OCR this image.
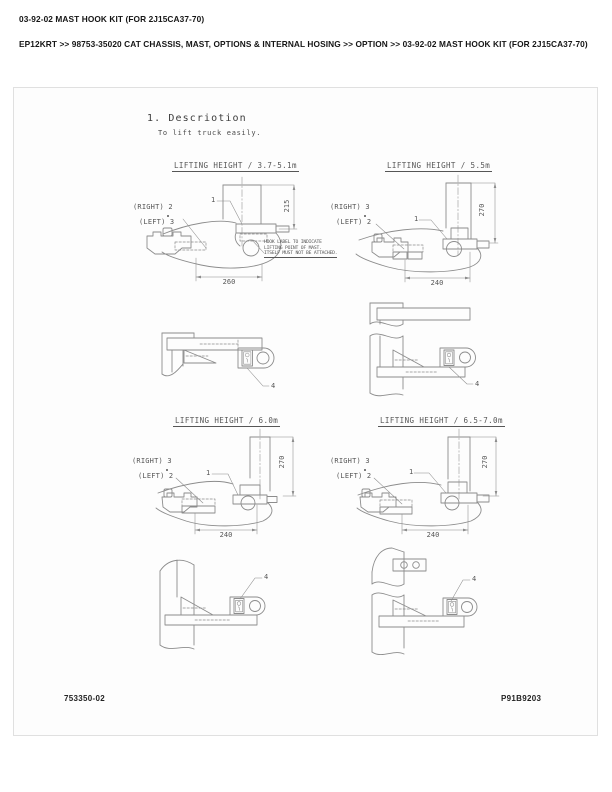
03-92-02 MAST HOOK KIT (FOR 2J15CA37-70)
EP12KRT >> 98753-35020 CAT CHASSIS, MAST, OPTIONS & INTERNAL HOSING >> OPTION >> 03-92-02 MAST HOOK KIT (FOR 2J15CA37-70)
1. Descriotion
To lift truck easily.
LIFTING HEIGHT / 3.7-5.1m
(RIGHT) 2
(LEFT) 3
1	215
260
HOOK LABEL TO INDICATE
LIFTING POINT OF MAST.
ITSELF MUST NOT BE ATTACHED.
LIFTING HEIGHT / 5.5m
(RIGHT) 3
(LEFT) 2	1
270
240
LIFTING HEIGHT / 6.0m
(RIGHT) 3
(LEFT) 2	1
270
240
LIFTING HEIGHT / 6.5-7.0m
(RIGHT) 3
(LEFT) 2	1
270
240
4	4
4	4
753350-02	P91B9203
